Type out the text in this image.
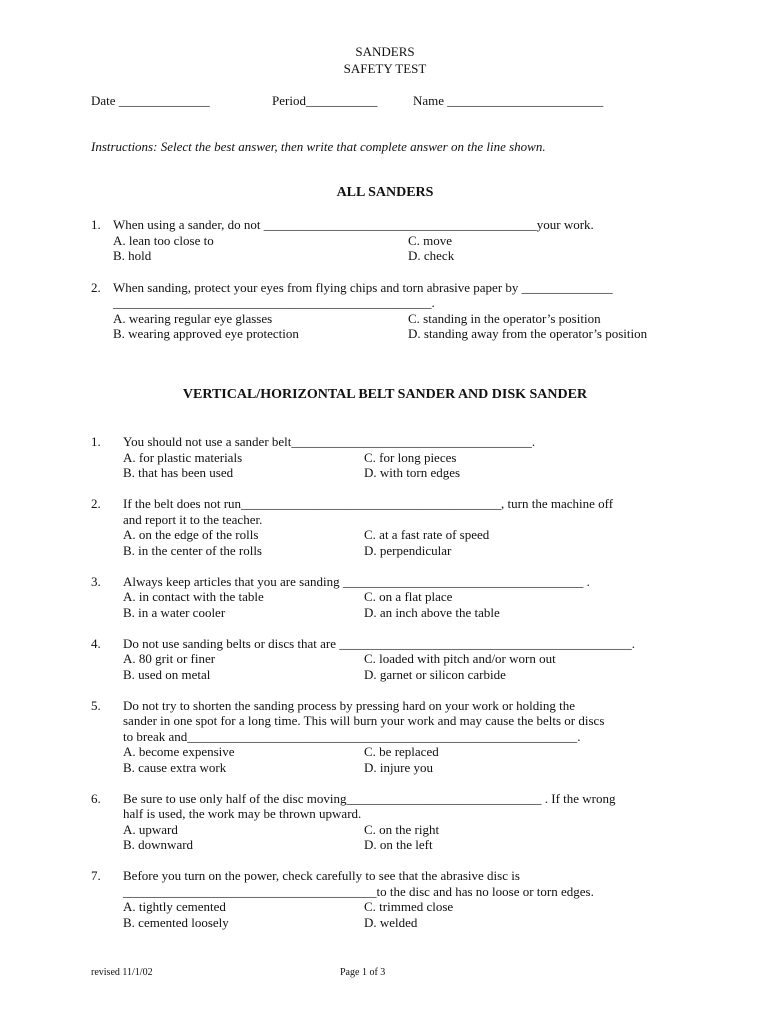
SANDERS
SAFETY TEST
Date ______________	Period___________	Name ________________________
Instructions: Select the best answer, then write that complete answer on the line shown.
ALL SANDERS
1. When using a sander, do not __________________________________________your work.
A. lean too close to	C. move
B. hold	D. check
2. When sanding, protect your eyes from flying chips and torn abrasive paper by ______________
_________________________________________________.
A. wearing regular eye glasses	C. standing in the operator’s position
B. wearing approved eye protection	D. standing away from the operator’s position
VERTICAL/HORIZONTAL BELT SANDER AND DISK SANDER
1. You should not use a sander belt_____________________________________.
A. for plastic materials	C. for long pieces
B. that has been used	D. with torn edges
2. If the belt does not run________________________________________, turn the machine off
and report it to the teacher.
A. on the edge of the rolls	C. at a fast rate of speed
B. in the center of the rolls	D. perpendicular
3. Always keep articles that you are sanding _____________________________________ .
A. in contact with the table	C. on a flat place
B. in a water cooler	D. an inch above the table
4. Do not use sanding belts or discs that are _____________________________________________.
A. 80 grit or finer	C. loaded with pitch and/or worn out
B. used on metal	D. garnet or silicon carbide
5. Do not try to shorten the sanding process by pressing hard on your work or holding the
sander in one spot for a long time. This will burn your work and may cause the belts or discs
to break and____________________________________________________________.
A. become expensive	C. be replaced
B. cause extra work	D. injure you
6. Be sure to use only half of the disc moving______________________________ . If the wrong
half is used, the work may be thrown upward.
A. upward	C. on the right
B. downward	D. on the left
7. Before you turn on the power, check carefully to see that the abrasive disc is
_______________________________________to the disc and has no loose or torn edges.
A. tightly cemented	C. trimmed close
B. cemented loosely	D. welded
revised 11/1/02	Page 1 of 3
